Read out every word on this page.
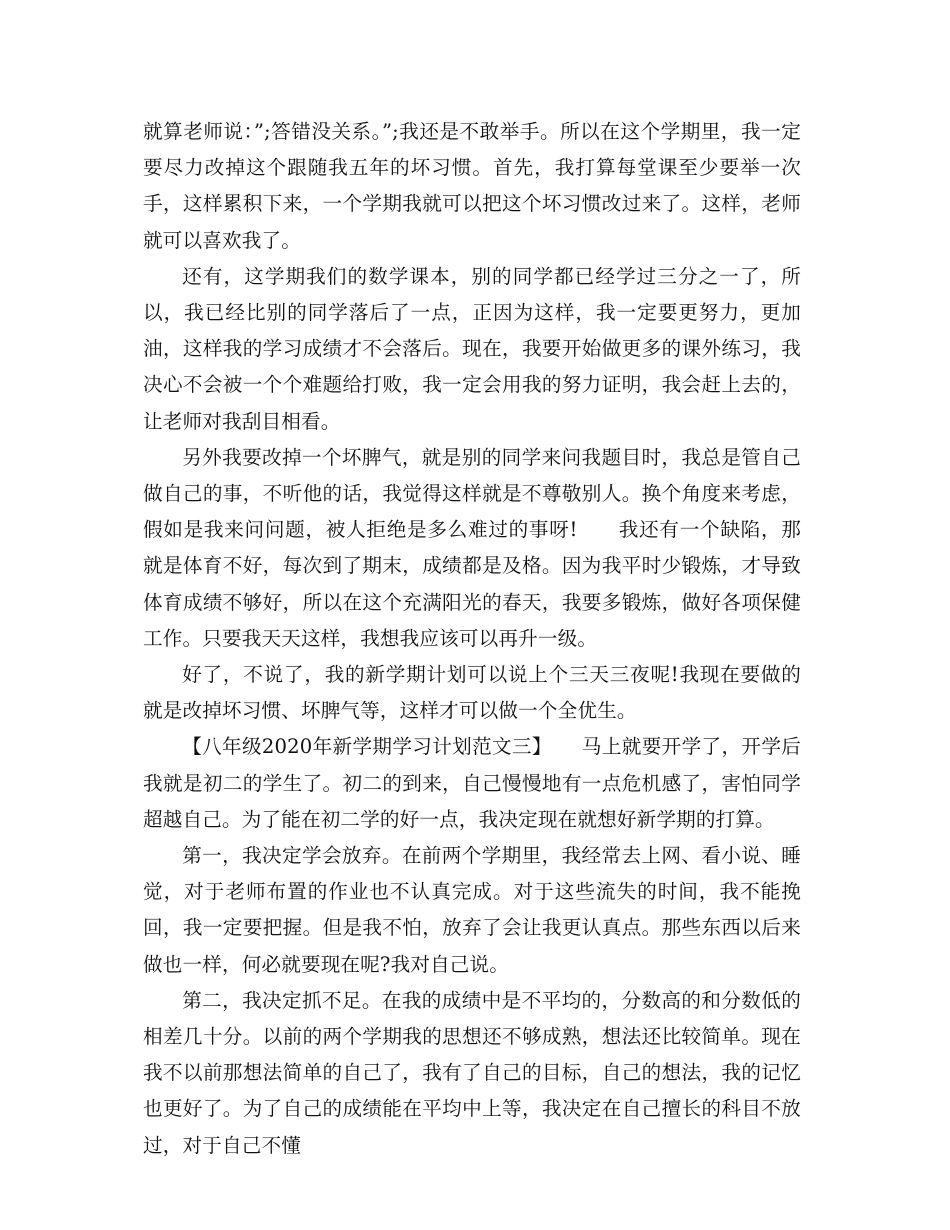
就算老师说：”;答错没关系。”;我还是不敢举手。所以在这个学期里，我一定要尽力改掉这个跟随我五年的坏习惯。首先，我打算每堂课至少要举一次手，这样累积下来，一个学期我就可以把这个坏习惯改过来了。这样，老师就可以喜欢我了。

还有，这学期我们的数学课本，别的同学都已经学过三分之一了，所以，我已经比别的同学落后了一点，正因为这样，我一定要更努力，更加油，这样我的学习成绩才不会落后。现在，我要开始做更多的课外练习，我决心不会被一个个难题给打败，我一定会用我的努力证明，我会赶上去的，让老师对我刮目相看。

另外我要改掉一个坏脾气，就是别的同学来问我题目时，我总是管自己做自己的事，不听他的话，我觉得这样就是不尊敬别人。换个角度来考虑，假如是我来问问题，被人拒绝是多么难过的事呀!　　我还有一个缺陷，那就是体育不好，每次到了期末，成绩都是及格。因为我平时少锻炼，才导致体育成绩不够好，所以在这个充满阳光的春天，我要多锻炼，做好各项保健工作。只要我天天这样，我想我应该可以再升一级。

好了，不说了，我的新学期计划可以说上个三天三夜呢!我现在要做的就是改掉坏习惯、坏脾气等，这样才可以做一个全优生。

【八年级2020年新学期学习计划范文三】　　马上就要开学了，开学后我就是初二的学生了。初二的到来，自己慢慢地有一点危机感了，害怕同学超越自己。为了能在初二学的好一点，我决定现在就想好新学期的打算。

第一，我决定学会放弃。在前两个学期里，我经常去上网、看小说、睡觉，对于老师布置的作业也不认真完成。对于这些流失的时间，我不能挽回，我一定要把握。但是我不怕，放弃了会让我更认真点。那些东西以后来做也一样，何必就要现在呢?我对自己说。

第二，我决定抓不足。在我的成绩中是不平均的，分数高的和分数低的相差几十分。以前的两个学期我的思想还不够成熟，想法还比较简单。现在我不以前那想法简单的自己了，我有了自己的目标，自己的想法，我的记忆也更好了。为了自己的成绩能在平均中上等，我决定在自己擅长的科目不放过，对于自己不懂
